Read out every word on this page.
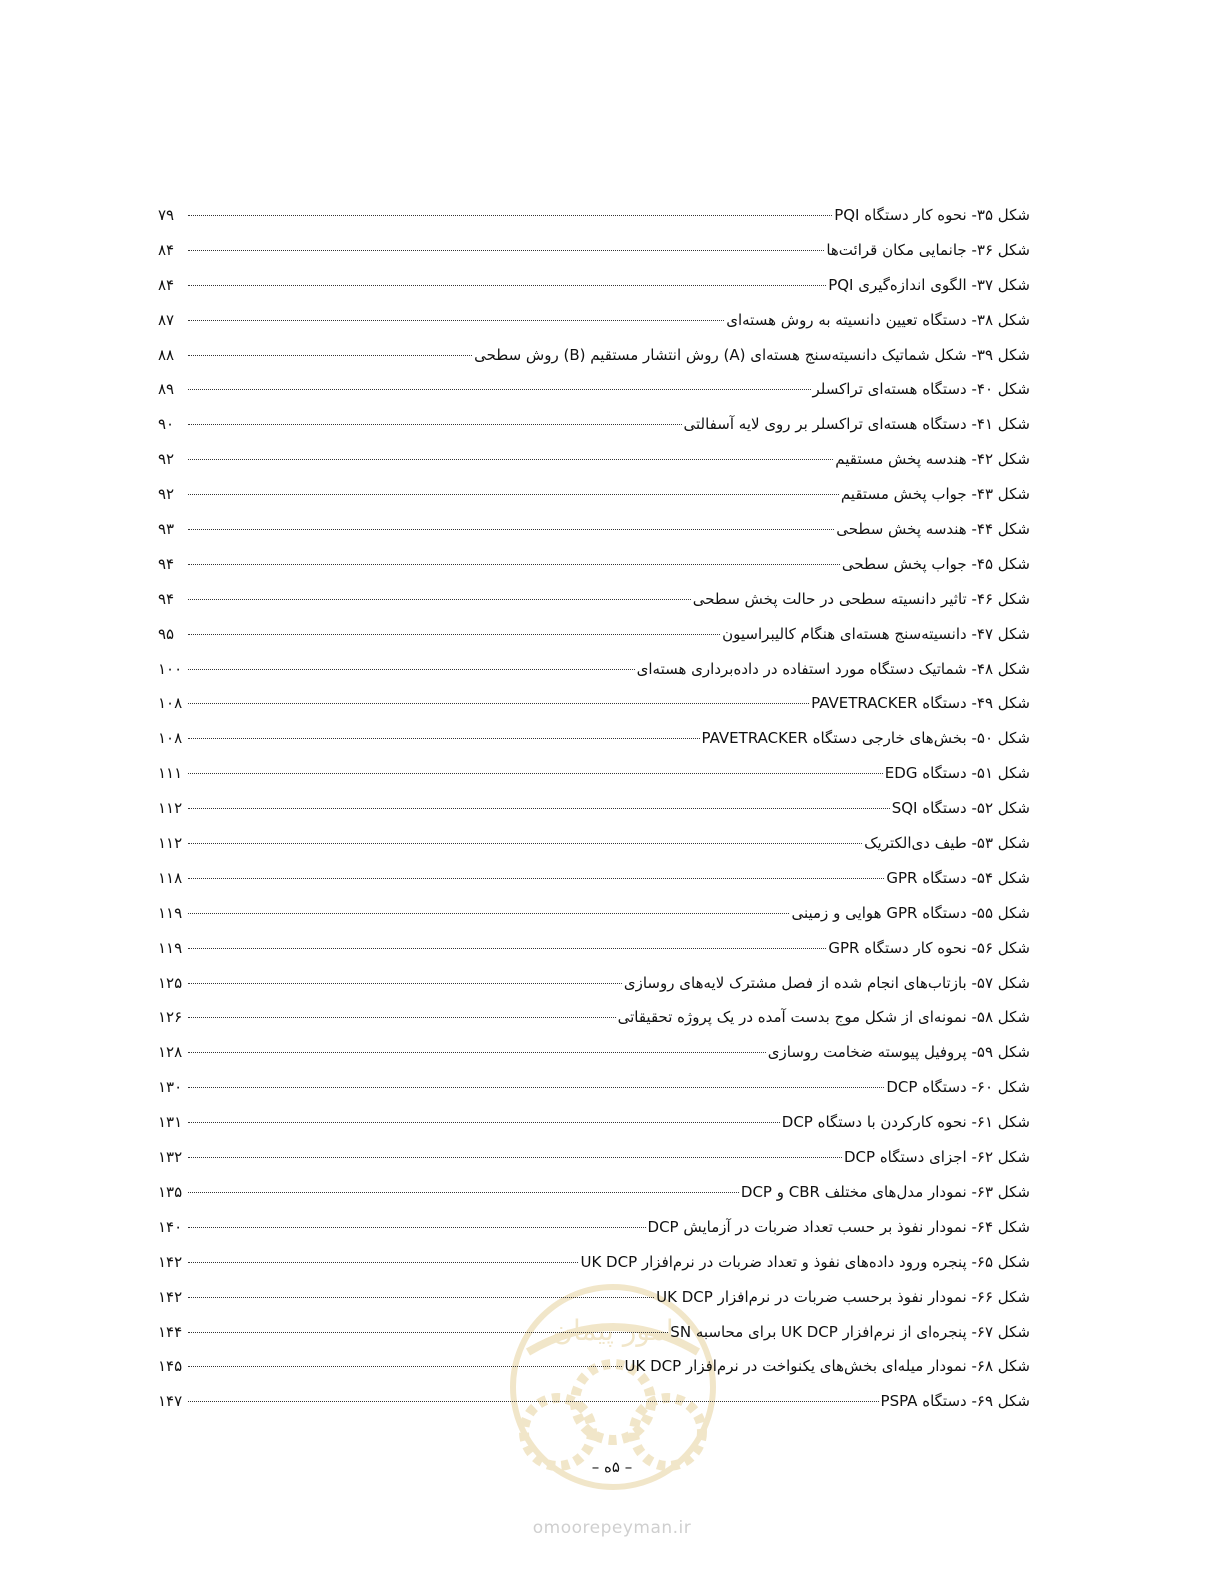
امور پیمان
شکل ۳۵- نحوه کار دستگاه PQI
۷۹
شکل ۳۶- جانمایی مکان قرائت‌ها
۸۴
شکل ۳۷- الگوی اندازه‌گیری PQI
۸۴
شکل ۳۸- دستگاه تعیین دانسیته به روش هسته‌ای
۸۷
شکل ۳۹- شکل شماتیک دانسیته‌سنج هسته‌ای (A) روش انتشار مستقیم (B) روش سطحی
۸۸
شکل ۴۰- دستگاه هسته‌ای تراکسلر
۸۹
شکل ۴۱- دستگاه هسته‌ای تراکسلر بر روی لایه آسفالتی
۹۰
شکل ۴۲- هندسه پخش مستقیم
۹۲
شکل ۴۳- جواب پخش مستقیم
۹۲
شکل ۴۴- هندسه پخش سطحی
۹۳
شکل ۴۵- جواب پخش سطحی
۹۴
شکل ۴۶- تاثیر دانسیته سطحی در حالت پخش سطحی
۹۴
شکل ۴۷- دانسیته‌سنج هسته‌ای هنگام کالیبراسیون
۹۵
شکل ۴۸- شماتیک دستگاه مورد استفاده در داده‌برداری هسته‌ای
۱۰۰
شکل ۴۹- دستگاه PAVETRACKER
۱۰۸
شکل ۵۰- بخش‌های خارجی دستگاه PAVETRACKER
۱۰۸
شکل ۵۱- دستگاه EDG
۱۱۱
شکل ۵۲- دستگاه SQI
۱۱۲
شکل ۵۳- طیف دی‌الکتریک
۱۱۲
شکل ۵۴- دستگاه GPR
۱۱۸
شکل ۵۵- دستگاه GPR هوایی و زمینی
۱۱۹
شکل ۵۶- نحوه کار دستگاه GPR
۱۱۹
شکل ۵۷- بازتاب‌های انجام شده از فصل مشترک لایه‌های روسازی
۱۲۵
شکل ۵۸- نمونه‌ای از شکل موج بدست آمده در یک پروژه تحقیقاتی
۱۲۶
شکل ۵۹- پروفیل پیوسته ضخامت روسازی
۱۲۸
شکل ۶۰- دستگاه DCP
۱۳۰
شکل ۶۱- نحوه کارکردن با دستگاه DCP
۱۳۱
شکل ۶۲- اجزای دستگاه DCP
۱۳۲
شکل ۶۳- نمودار مدل‌های مختلف CBR و DCP
۱۳۵
شکل ۶۴- نمودار نفوذ بر حسب تعداد ضربات در آزمایش DCP
۱۴۰
شکل ۶۵- پنجره ورود داده‌های نفوذ و تعداد ضربات در نرم‌افزار UK DCP
۱۴۲
شکل ۶۶- نمودار نفوذ برحسب ضربات در نرم‌افزار UK DCP
۱۴۲
شکل ۶۷- پنجره‌ای از نرم‌افزار UK DCP برای محاسبه SN
۱۴۴
شکل ۶۸- نمودار میله‌ای بخش‌های یکنواخت در نرم‌افزار UK DCP
۱۴۵
شکل ۶۹- دستگاه PSPA
۱۴۷
– ۵ه –
omoorepeyman.ir
